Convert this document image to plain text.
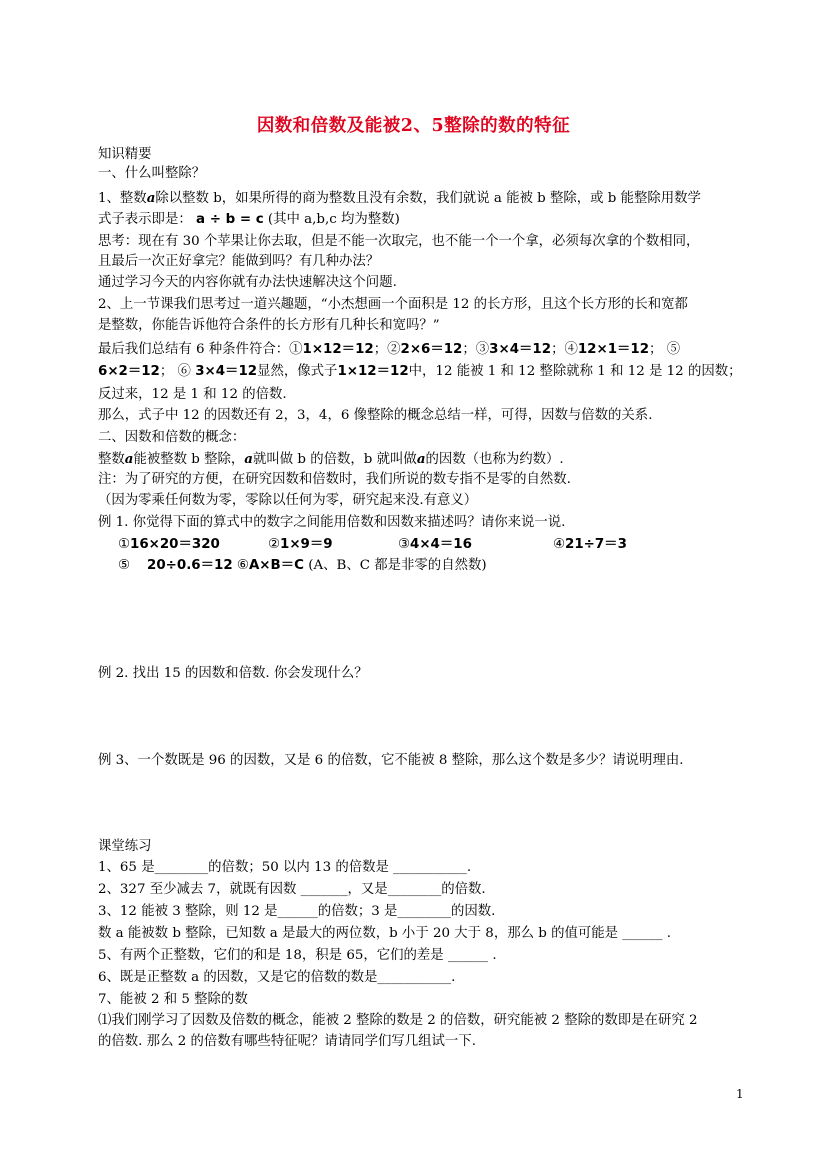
因数和倍数及能被2、5整除的数的特征
知识精要
一、什么叫整除？
1、整数a除以整数 b，如果所得的商为整数且没有余数，我们就说 a 能被 b 整除，或 b 能整除用数学
式子表示即是： a ÷ b = c (其中 a,b,c 均为整数)
思考：现在有 30 个苹果让你去取，但是不能一次取完，也不能一个一个拿，必须每次拿的个数相同，
且最后一次正好拿完？能做到吗？有几种办法？
通过学习今天的内容你就有办法快速解决这个问题.
2、上一节课我们思考过一道兴趣题，“小杰想画一个面积是 12 的长方形，且这个长方形的长和宽都
是整数，你能告诉他符合条件的长方形有几种长和宽吗？”
最后我们总结有 6 种条件符合：①1×12＝12；②2×6＝12；③3×4＝12；④12×1＝12； ⑤
6×2＝12； ⑥ 3×4＝12显然，像式子1×12＝12中，12 能被 1 和 12 整除就称 1 和 12 是 12 的因数；
反过来，12 是 1 和 12 的倍数.
那么，式子中 12 的因数还有 2，3，4，6 像整除的概念总结一样，可得，因数与倍数的关系.
二、因数和倍数的概念：
整数a能被整数 b 整除，a就叫做 b 的倍数，b 就叫做a的因数（也称为约数）.
注：为了研究的方便，在研究因数和倍数时，我们所说的数专指不是零的自然数.
（因为零乘任何数为零，零除以任何为零，研究起来没.有意义）
例 1. 你觉得下面的算式中的数字之间能用倍数和因数来描述吗？请你来说一说.
①16×20＝320	②1×9＝9	③4×4＝16	④21÷7＝3
⑤ 20÷0.6＝12 ⑥A×B＝C (A、B、C 都是非零的自然数)
例 2. 找出 15 的因数和倍数. 你会发现什么？
例 3、一个数既是 96 的因数，又是 6 的倍数，它不能被 8 整除，那么这个数是多少？请说明理由.
课堂练习
1、65 是________的倍数；50 以内 13 的倍数是 ___________.
2、327 至少减去 7，就既有因数 _______，又是________的倍数.
3、12 能被 3 整除，则 12 是______的倍数；3 是________的因数.
数 a 能被数 b 整除，已知数 a 是最大的两位数，b 小于 20 大于 8，那么 b 的值可能是 ______ .
5、有两个正整数，它们的和是 18，积是 65，它们的差是 ______ .
6、既是正整数 a 的因数，又是它的倍数的数是___________.
7、能被 2 和 5 整除的数
⑴我们刚学习了因数及倍数的概念，能被 2 整除的数是 2 的倍数，研究能被 2 整除的数即是在研究 2
的倍数. 那么 2 的倍数有哪些特征呢？请请同学们写几组试一下.
1
